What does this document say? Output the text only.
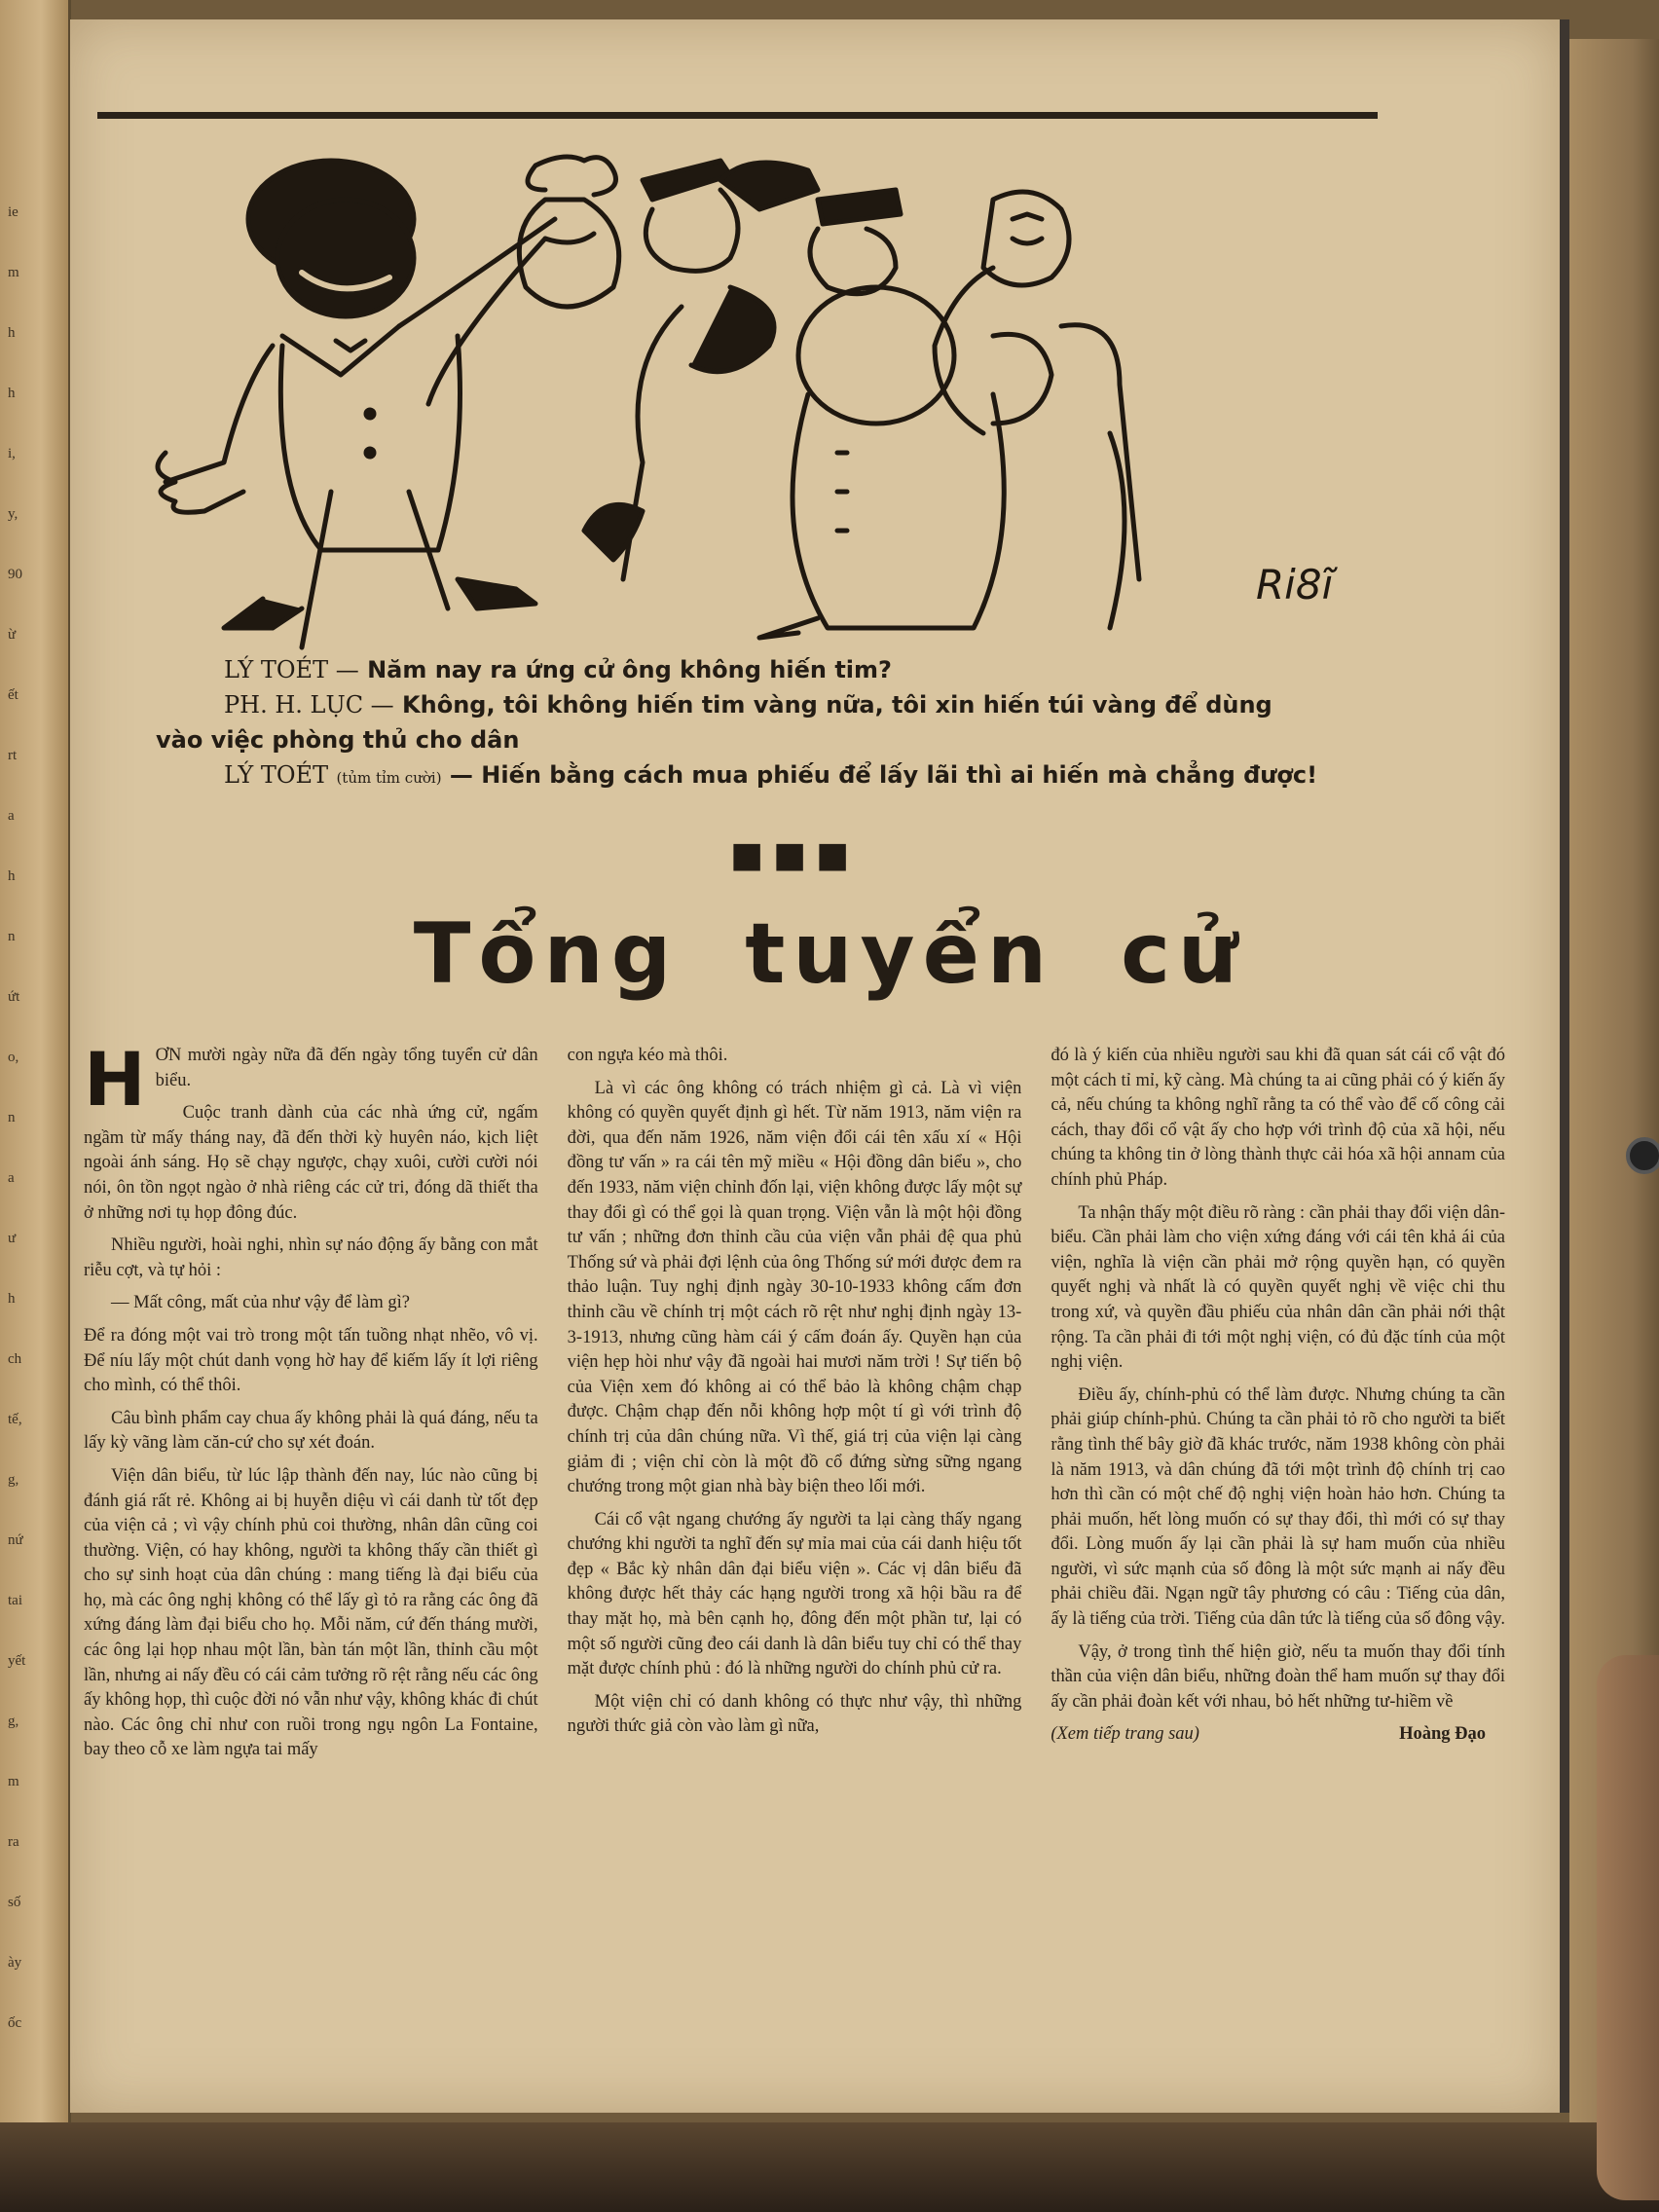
ie
m
h
h
i,
y,
90
ừ
ết
rt
a
h
n
ứt
o,
n
a
ư
h
ch
tế,
g,
nứ
tai
yết
g,
m
ra
số
ày
ốc
Ri8ĩ
LÝ TOÉT — Năm nay ra ứng cử ông không hiến tim?
PH. H. LỤC — Không, tôi không hiến tim vàng nữa, tôi xin hiến túi vàng để dùng
vào việc phòng thủ cho dân
LÝ TOÉT (tủm tỉm cười) — Hiến bằng cách mua phiếu để lấy lãi thì ai hiến mà chẳng được!
■■■
Tổng tuyển cử

HƠN mười ngày nữa đã đến ngày tổng tuyển cử dân biểu.

Cuộc tranh dành của các nhà ứng cử, ngấm ngầm từ mấy tháng nay, đã đến thời kỳ huyên náo, kịch liệt ngoài ánh sáng. Họ sẽ chạy ngược, chạy xuôi, cười cười nói nói, ôn tồn ngọt ngào ở nhà riêng các cử tri, đóng dã thiết tha ở những nơi tụ họp đông đúc.

Nhiều người, hoài nghi, nhìn sự náo động ấy bằng con mắt riễu cợt, và tự hỏi :

— Mất công, mất của như vậy để làm gì?

Để ra đóng một vai trò trong một tấn tuồng nhạt nhẽo, vô vị. Để níu lấy một chút danh vọng hờ hay để kiếm lấy ít lợi riêng cho mình, có thể thôi.

Câu bình phẩm cay chua ấy không phải là quá đáng, nếu ta lấy kỳ vãng làm căn-cứ cho sự xét đoán.

Viện dân biểu, từ lúc lập thành đến nay, lúc nào cũng bị đánh giá rất rẻ. Không ai bị huyễn diệu vì cái danh từ tốt đẹp của viện cả ; vì vậy chính phủ coi thường, nhân dân cũng coi thường. Viện, có hay không, người ta không thấy cần thiết gì cho sự sinh hoạt của dân chúng : mang tiếng là đại biểu của họ, mà các ông nghị không có thể lấy gì tỏ ra rằng các ông đã xứng đáng làm đại biểu cho họ. Mỗi năm, cứ đến tháng mười, các ông lại họp nhau một lần, bàn tán một lần, thỉnh cầu một lần, nhưng ai nấy đều có cái cảm tưởng rõ rệt rằng nếu các ông ấy không họp, thì cuộc đời nó vẫn như vậy, không khác đi chút nào. Các ông chỉ như con ruồi trong ngụ ngôn La Fontaine, bay theo cỗ xe làm ngựa tai mấy

con ngựa kéo mà thôi.

Là vì các ông không có trách nhiệm gì cả. Là vì viện không có quyền quyết định gì hết. Từ năm 1913, năm viện ra đời, qua đến năm 1926, năm viện đổi cái tên xấu xí « Hội đồng tư vấn » ra cái tên mỹ miều « Hội đồng dân biểu », cho đến 1933, năm viện chỉnh đốn lại, viện không được lấy một sự thay đổi gì có thể gọi là quan trọng. Viện vẫn là một hội đồng tư vấn ; những đơn thỉnh cầu của viện vẫn phải đệ qua phủ Thống sứ và phải đợi lệnh của ông Thống sứ mới được đem ra thảo luận. Tuy nghị định ngày 30-10-1933 không cấm đơn thỉnh cầu về chính trị một cách rõ rệt như nghị định ngày 13-3-1913, nhưng cũng hàm cái ý cấm đoán ấy. Quyền hạn của viện hẹp hòi như vậy đã ngoài hai mươi năm trời ! Sự tiến bộ của Viện xem đó không ai có thể bảo là không chậm chạp được. Chậm chạp đến nỗi không hợp một tí gì với trình độ chính trị của dân chúng nữa. Vì thế, giá trị của viện lại càng giảm đi ; viện chỉ còn là một đồ cổ đứng sừng sững ngang chướng trong một gian nhà bày biện theo lối mới.

Cái cổ vật ngang chướng ấy người ta lại càng thấy ngang chướng khi người ta nghĩ đến sự mỉa mai của cái danh hiệu tốt đẹp « Bắc kỳ nhân dân đại biểu viện ». Các vị dân biểu đã không được hết thảy các hạng người trong xã hội bầu ra để thay mặt họ, mà bên cạnh họ, đông đến một phần tư, lại có một số người cũng đeo cái danh là dân biểu tuy chỉ có thể thay mặt được chính phủ : đó là những người do chính phủ cử ra.

Một viện chỉ có danh không có thực như vậy, thì những người thức giả còn vào làm gì nữa,

đó là ý kiến của nhiều người sau khi đã quan sát cái cổ vật đó một cách tỉ mỉ, kỹ càng. Mà chúng ta ai cũng phải có ý kiến ấy cả, nếu chúng ta không nghĩ rằng ta có thể vào để cố công cải cách, thay đổi cổ vật ấy cho hợp với trình độ của xã hội, nếu chúng ta không tin ở lòng thành thực cải hóa xã hội annam của chính phủ Pháp.

Ta nhận thấy một điều rõ ràng : cần phải thay đổi viện dân-biểu. Cần phải làm cho viện xứng đáng với cái tên khả ái của viện, nghĩa là viện cần phải mở rộng quyền hạn, có quyền quyết nghị và nhất là có quyền quyết nghị về việc chi thu trong xứ, và quyền đầu phiếu của nhân dân cần phải nới thật rộng. Ta cần phải đi tới một nghị viện, có đủ đặc tính của một nghị viện.

Điều ấy, chính-phủ có thể làm được. Nhưng chúng ta cần phải giúp chính-phủ. Chúng ta cần phải tỏ rõ cho người ta biết rằng tình thế bây giờ đã khác trước, năm 1938 không còn phải là năm 1913, và dân chúng đã tới một trình độ chính trị cao hơn thì cần có một chế độ nghị viện hoàn hảo hơn. Chúng ta phải muốn, hết lòng muốn có sự thay đổi, thì mới có sự thay đổi. Lòng muốn ấy lại cần phải là sự ham muốn của nhiều người, vì sức mạnh của số đông là một sức mạnh ai nấy đều phải chiều đãi. Ngạn ngữ tây phương có câu : Tiếng của dân, ấy là tiếng của trời. Tiếng của dân tức là tiếng của số đông vậy.

Vậy, ở trong tình thế hiện giờ, nếu ta muốn thay đổi tính thần của viện dân biểu, những đoàn thể ham muốn sự thay đổi ấy cần phải đoàn kết với nhau, bỏ hết những tư-hiềm về

(Xem tiếp trang sau)	Hoàng Đạo
